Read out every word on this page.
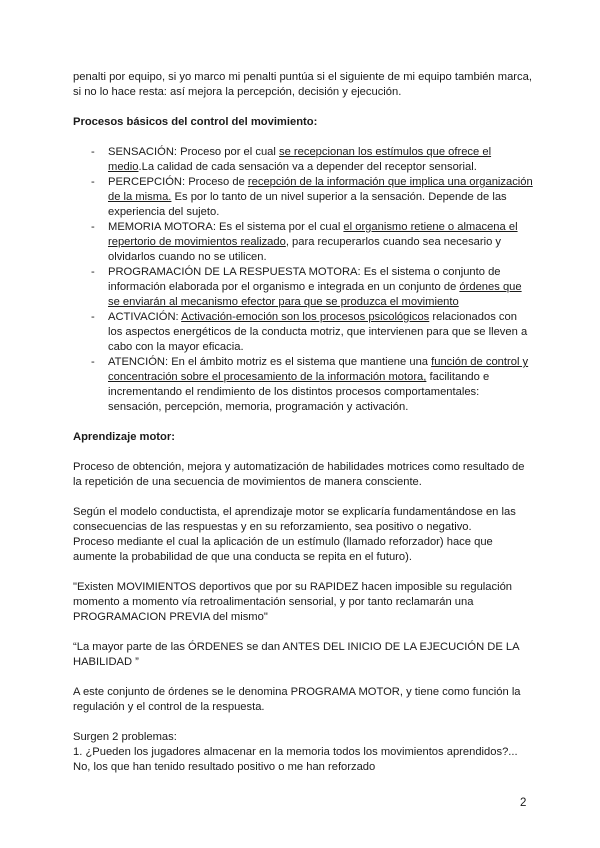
penalti por equipo, si yo marco mi penalti puntúa si el siguiente de mi equipo también marca, si no lo hace resta: así mejora la percepción, decisión y ejecución.

Procesos básicos del control del movimiento:

- SENSACIÓN: Proceso por el cual se recepcionan los estímulos que ofrece el medio.La calidad de cada sensación va a depender del receptor sensorial.
- PERCEPCIÓN: Proceso de recepción de la información que implica una organización de la misma. Es por lo tanto de un nivel superior a la sensación. Depende de las experiencia del sujeto.
- MEMORIA MOTORA: Es el sistema por el cual el organismo retiene o almacena el repertorio de movimientos realizado, para recuperarlos cuando sea necesario y olvidarlos cuando no se utilicen.
- PROGRAMACIÓN DE LA RESPUESTA MOTORA: Es el sistema o conjunto de información elaborada por el organismo e integrada en un conjunto de órdenes que se enviarán al mecanismo efector para que se produzca el movimiento
- ACTIVACIÓN: Activación-emoción son los procesos psicológicos relacionados con los aspectos energéticos de la conducta motriz, que intervienen para que se lleven a cabo con la mayor eficacia.
- ATENCIÓN: En el ámbito motriz es el sistema que mantiene una función de control y concentración sobre el procesamiento de la información motora, facilitando e incrementando el rendimiento de los distintos procesos comportamentales: sensación, percepción, memoria, programación y activación.

Aprendizaje motor:

Proceso de obtención, mejora y automatización de habilidades motrices como resultado de la repetición de una secuencia de movimientos de manera consciente.

Según el modelo conductista, el aprendizaje motor se explicaría fundamentándose en las consecuencias de las respuestas y en su reforzamiento, sea positivo o negativo.

Proceso mediante el cual la aplicación de un estímulo (llamado reforzador) hace que aumente la probabilidad de que una conducta se repita en el futuro).

"Existen MOVIMIENTOS deportivos que por su RAPIDEZ hacen imposible su regulación momento a momento vía retroalimentación sensorial, y por tanto reclamarán una PROGRAMACION PREVIA del mismo"

“La mayor parte de las ÓRDENES se dan ANTES DEL INICIO DE LA EJECUCIÓN DE LA HABILIDAD ”

A este conjunto de órdenes se le denomina PROGRAMA MOTOR, y tiene como función la regulación y el control de la respuesta.

Surgen 2 problemas:

1. ¿Pueden los jugadores almacenar en la memoria todos los movimientos aprendidos?...

No, los que han tenido resultado positivo o me han reforzado

2
